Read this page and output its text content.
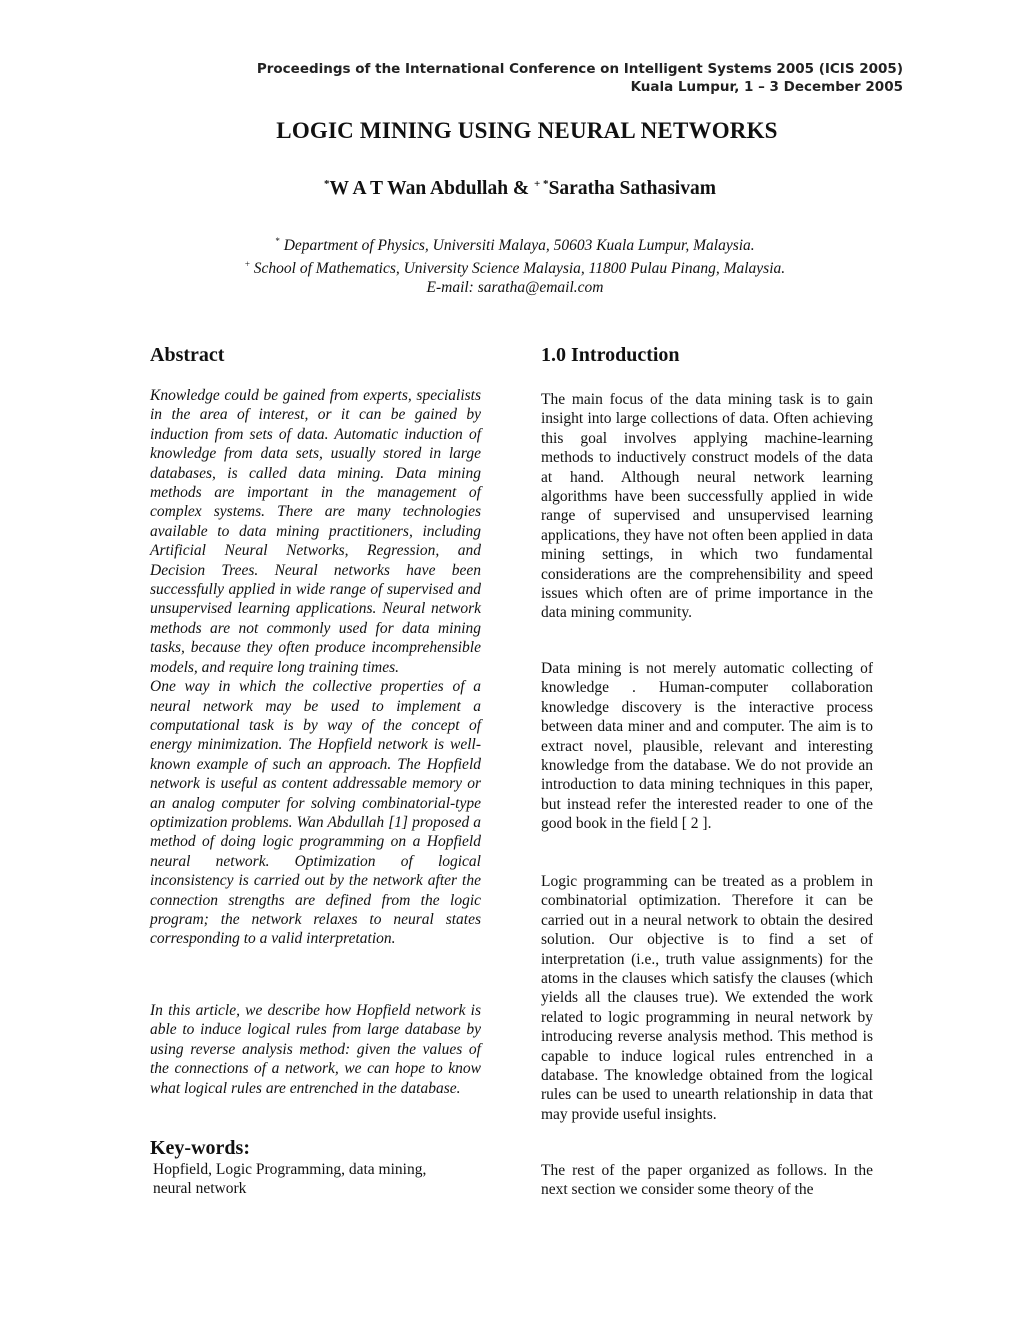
Proceedings of the International Conference on Intelligent Systems 2005 (ICIS 2005)
Kuala Lumpur, 1 – 3 December 2005
LOGIC MINING USING NEURAL NETWORKS
*W A T Wan Abdullah & + *Saratha Sathasivam
* Department of Physics, Universiti Malaya, 50603 Kuala Lumpur, Malaysia.
+ School of Mathematics, University Science Malaysia, 11800 Pulau Pinang, Malaysia.
E-mail: saratha@email.com
Abstract

Knowledge could be gained from experts, specialists in the area of interest, or it can be gained by induction from sets of data. Automatic induction of knowledge from data sets, usually stored in large databases, is called data mining. Data mining methods are important in the management of complex systems. There are many technologies available to data mining practitioners, including Artificial Neural Networks, Regression, and Decision Trees. Neural networks have been successfully applied in wide range of supervised and unsupervised learning applications. Neural network methods are not commonly used for data mining tasks, because they often produce incomprehensible models, and require long training times.

One way in which the collective properties of a neural network may be used to implement a computational task is by way of the concept of energy minimization. The Hopfield network is well-known example of such an approach. The Hopfield network is useful as content addressable memory or an analog computer for solving combinatorial-type optimization problems. Wan Abdullah [1] proposed a method of doing logic programming on a Hopfield neural network. Optimization of logical inconsistency is carried out by the network after the connection strengths are defined from the logic program; the network relaxes to neural states corresponding to a valid interpretation.

In this article, we describe how Hopfield network is able to induce logical rules from large database by using reverse analysis method: given the values of the connections of a network, we can hope to know what logical rules are entrenched in the database.

Key-words:
Hopfield, Logic Programming, data mining, neural network
1.0 Introduction

The main focus of the data mining task is to gain insight into large collections of data. Often achieving this goal involves applying machine-learning methods to inductively construct models of the data at hand. Although neural network learning algorithms have been successfully applied in wide range of supervised and unsupervised learning applications, they have not often been applied in data mining settings, in which two fundamental considerations are the comprehensibility and speed issues which often are of prime importance in the data mining community.

Data mining is not merely automatic collecting of knowledge . Human-computer collaboration knowledge discovery is the interactive process between data miner and and computer. The aim is to extract novel, plausible, relevant and interesting knowledge from the database. We do not provide an introduction to data mining techniques in this paper, but instead refer the interested reader to one of the good book in the field [ 2 ].

Logic programming can be treated as a problem in combinatorial optimization. Therefore it can be carried out in a neural network to obtain the desired solution. Our objective is to find a set of interpretation (i.e., truth value assignments) for the atoms in the clauses which satisfy the clauses (which yields all the clauses true). We extended the work related to logic programming in neural network by introducing reverse analysis method. This method is capable to induce logical rules entrenched in a database. The knowledge obtained from the logical rules can be used to unearth relationship in data that may provide useful insights.

The rest of the paper organized as follows. In the next section we consider some theory of the
